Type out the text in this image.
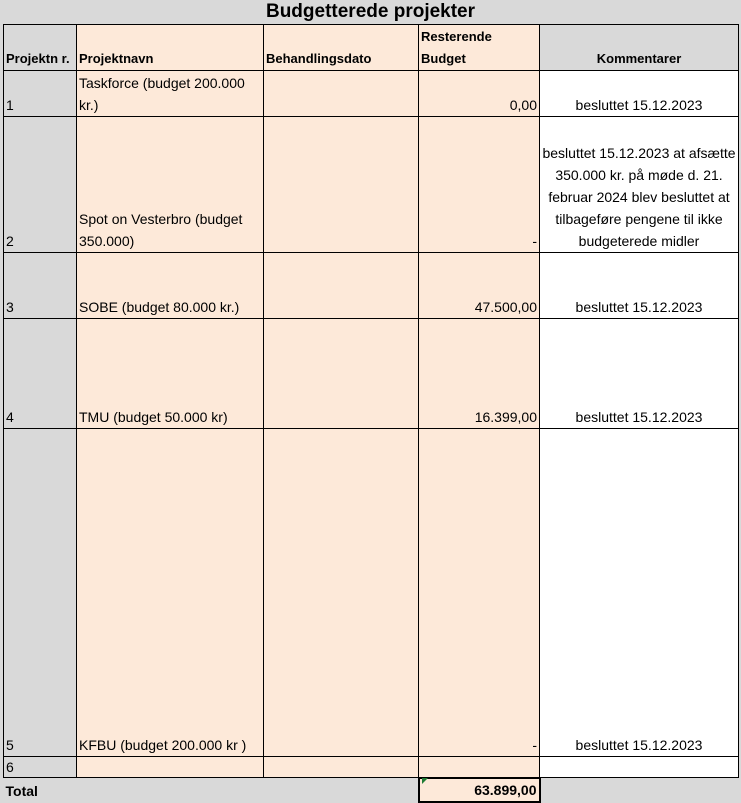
Budgetterede projekter
Projektn r.	Projektnavn	Behandlingsdato	Resterende Budget	Kommentarer
1	Taskforce (budget 200.000 kr.)		0,00	besluttet 15.12.2023
2	Spot on Vesterbro (budget 350.000)		-	besluttet 15.12.2023 at afsætte 350.000 kr. på møde d. 21. februar 2024 blev besluttet at tilbageføre pengene til ikke budgeterede midler
3	SOBE (budget 80.000 kr.)		47.500,00	besluttet 15.12.2023
4	TMU (budget 50.000 kr)		16.399,00	besluttet 15.12.2023
5	KFBU (budget 200.000 kr )		-	besluttet 15.12.2023
6				
Total			63.899,00	
